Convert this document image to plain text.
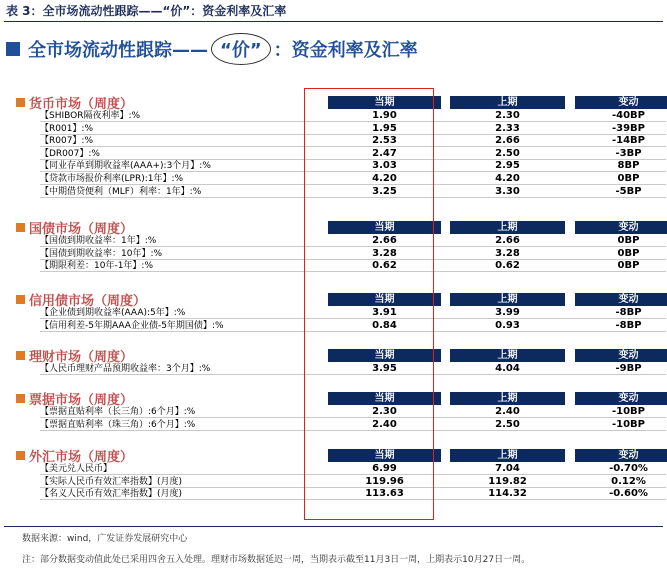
表 3：全市场流动性跟踪——“价”：资金利率及汇率
全市场流动性跟踪—— “价” ：资金利率及汇率
货币市场（周度）	当期	上期	变动
【SHIBOR隔夜利率】:%	1.90	2.30	-40BP
【R001】:%	1.95	2.33	-39BP
【R007】:%	2.53	2.66	-14BP
【DR007】:%	2.47	2.50	-3BP
【同业存单到期收益率(AAA+):3个月】:%	3.03	2.95	8BP
【贷款市场报价利率(LPR):1年】:%	4.20	4.20	0BP
【中期借贷便利（MLF）利率：1年】:%	3.25	3.30	-5BP
国债市场（周度）	当期	上期	变动
【国债到期收益率：1年】:%	2.66	2.66	0BP
【国债到期收益率：10年】:%	3.28	3.28	0BP
【期限利差：10年-1年】:%	0.62	0.62	0BP
信用债市场（周度）	当期	上期	变动
【企业债到期收益率(AAA):5年】:%	3.91	3.99	-8BP
【信用利差-5年期AAA企业债-5年期国债】:%	0.84	0.93	-8BP
理财市场（周度）	当期	上期	变动
【人民币理财产品预期收益率：3个月】:%	3.95	4.04	-9BP
票据市场（周度）	当期	上期	变动
【票据直贴利率（长三角）:6个月】:%	2.30	2.40	-10BP
【票据直贴利率（珠三角）:6个月】:%	2.40	2.50	-10BP
外汇市场（周度）	当期	上期	变动
【美元兑人民币】	6.99	7.04	-0.70%
【实际人民币有效汇率指数】(月度)	119.96	119.82	0.12%
【名义人民币有效汇率指数】(月度)	113.63	114.32	-0.60%
数据来源：wind，广发证券发展研究中心
注：部分数据变动值此处已采用四舍五入处理。理财市场数据延迟一周，当期表示截至11月3日一周，上期表示10月27日一周。
